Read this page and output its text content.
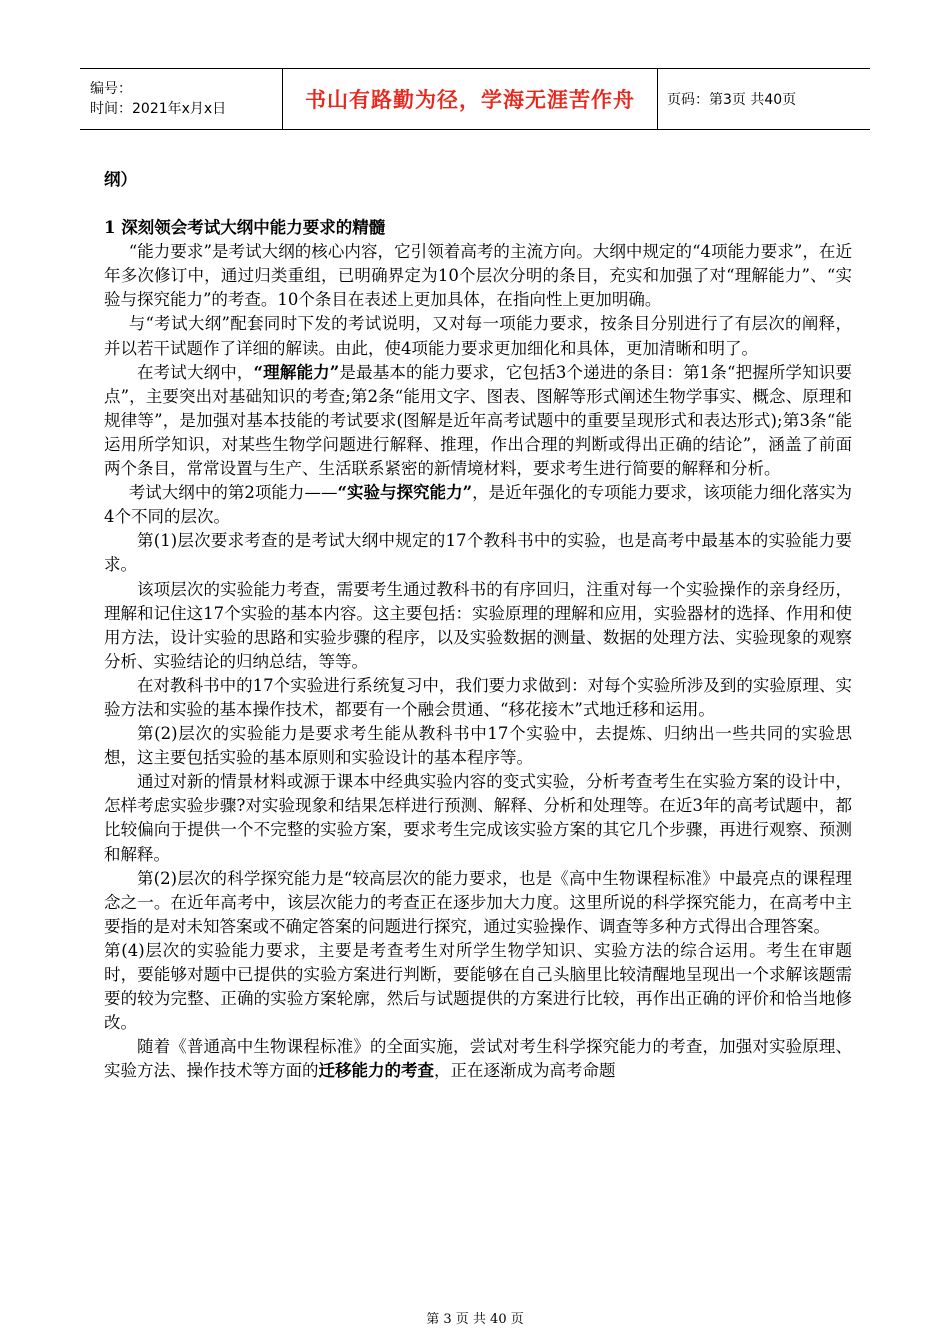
编号：
时间：2021年x月x日	书山有路勤为径，学海无涯苦作舟	页码：第3页 共40页

纲）

1 深刻领会考试大纲中能力要求的精髓

“能力要求”是考试大纲的核心内容，它引领着高考的主流方向。大纲中规定的“4项能力要求”，在近年多次修订中，通过归类重组，已明确界定为10个层次分明的条目，充实和加强了对“理解能力”、“实验与探究能力”的考查。10个条目在表述上更加具体，在指向性上更加明确。

与“考试大纲”配套同时下发的考试说明，又对每一项能力要求，按条目分别进行了有层次的阐释，并以若干试题作了详细的解读。由此，使4项能力要求更加细化和具体，更加清晰和明了。

在考试大纲中，“理解能力”是最基本的能力要求，它包括3个递进的条目：第1条“把握所学知识要点”，主要突出对基础知识的考查;第2条“能用文字、图表、图解等形式阐述生物学事实、概念、原理和规律等”，是加强对基本技能的考试要求(图解是近年高考试题中的重要呈现形式和表达形式);第3条“能运用所学知识，对某些生物学问题进行解释、推理，作出合理的判断或得出正确的结论”，涵盖了前面两个条目，常常设置与生产、生活联系紧密的新情境材料，要求考生进行简要的解释和分析。

考试大纲中的第2项能力——“实验与探究能力”，是近年强化的专项能力要求，该项能力细化落实为4个不同的层次。

第(1)层次要求考查的是考试大纲中规定的17个教科书中的实验，也是高考中最基本的实验能力要求。

该项层次的实验能力考查，需要考生通过教科书的有序回归，注重对每一个实验操作的亲身经历，理解和记住这17个实验的基本内容。这主要包括：实验原理的理解和应用，实验器材的选择、作用和使用方法，设计实验的思路和实验步骤的程序，以及实验数据的测量、数据的处理方法、实验现象的观察分析、实验结论的归纳总结，等等。

在对教科书中的17个实验进行系统复习中，我们要力求做到：对每个实验所涉及到的实验原理、实验方法和实验的基本操作技术，都要有一个融会贯通、“移花接木”式地迁移和运用。

第(2)层次的实验能力是要求考生能从教科书中17个实验中，去提炼、归纳出一些共同的实验思想，这主要包括实验的基本原则和实验设计的基本程序等。

通过对新的情景材料或源于课本中经典实验内容的变式实验，分析考查考生在实验方案的设计中，怎样考虑实验步骤?对实验现象和结果怎样进行预测、解释、分析和处理等。在近3年的高考试题中，都比较偏向于提供一个不完整的实验方案，要求考生完成该实验方案的其它几个步骤，再进行观察、预测和解释。

第(2)层次的科学探究能力是“较高层次的能力要求，也是《高中生物课程标准》中最亮点的课程理念之一。在近年高考中，该层次能力的考查正在逐步加大力度。这里所说的科学探究能力，在高考中主要指的是对未知答案或不确定答案的问题进行探究，通过实验操作、调查等多种方式得出合理答案。

第(4)层次的实验能力要求，主要是考查考生对所学生物学知识、实验方法的综合运用。考生在审题时，要能够对题中已提供的实验方案进行判断，要能够在自己头脑里比较清醒地呈现出一个求解该题需要的较为完整、正确的实验方案轮廓，然后与试题提供的方案进行比较，再作出正确的评价和恰当地修改。

随着《普通高中生物课程标准》的全面实施，尝试对考生科学探究能力的考查，加强对实验原理、实验方法、操作技术等方面的迁移能力的考查，正在逐渐成为高考命题

第 3 页 共 40 页
